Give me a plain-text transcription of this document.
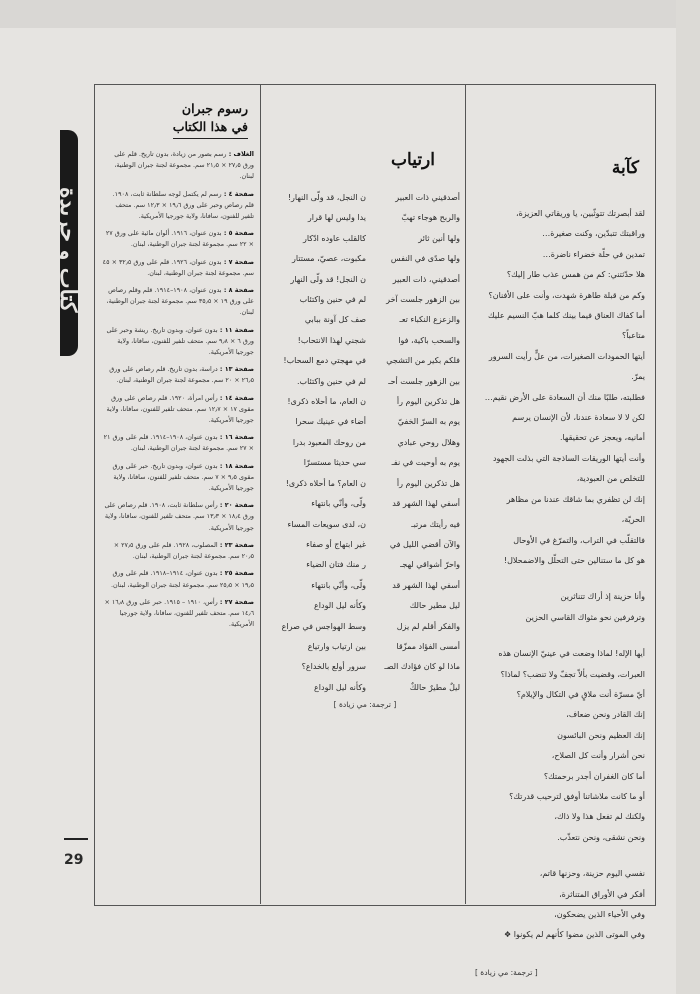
كتاب و جريدة
29
كآبة
لقد أبصرتك تتوثّبين، يا وريقاتي العزيزة،
وراقبتك تتبدّين، وكنت صغيرة…
تمدين في حلّة خضراء ناضرة…
هلا حدّثتني: كم من همس عذب طار إليك؟
وكم من قبلة طاهرة شهدت، وأنت على الأفنان؟
أما كفاك العناق فيما بينك كلما هبّ النسيم عليك
متاعباً؟
أيتها الحمودات الصغيرات، من علٍّ رأيت السرور
يمرّ.
فطلبته، طلبًا منك أن السعادة على الأرض نقيم…
لكن لا لا سعادة عندنا، لأن الإنسان يرسم
أمانيه، ويعجز عن تحقيقها.
وأنت أيتها الوريقات الساذجة التي بذلت الجهود
للتخلص من العبودية،
إنك لن تظفري بما شاقك عندنا من مظاهر
الحريّة،
فالتقلّب في التراب، والتمرّغ في الأوحال
هو كل ما ستنالين حتى التحلّل والاضمحلال!
وأنا حزينة إذ أراك تتناثرين
وترفرفين نحو مثواك القاسي الحزين
أيها الإله! لماذا وضعت في عينيّ الإنسان هذه
العبرات، وقضيت بألاّ تجفّ ولا تنضب؟ لماذا؟
أيّ مسرّة أنت ملاقٍ في التكال والإيلام؟
إنك القادر ونحن ضعاف،
إنك العظيم ونحن البائسون
نحن أشرار وأنت كل الصلاح،
أما كان الغفران أجدر برحمتك؟
أو ما كانت ملاشاتنا أوفق لترحيب قدرتك؟
ولكنك لم تفعل هذا ولا ذاك،
ونحن نشقى، ونحن نتعذّب.
نفسي اليوم حزينة، وحزنها قاتم،
أفكر في الأوراق المتناثرة،
وفي الأحياء الذين يضحكون،
وفي الموتى الذين مضوا كأنهم لم يكونوا ❖
[ ترجمة: مي زيادة ]
ارتياب
أصدقيني ذات العبير
والربح هوجاء تهبّ
ولها أنين ثائر
ولها صدًى في النفس
أصدقيني، ذات العبير
بين الزهور جلست آخر
والزعزع النكباء تعـ
والسحب باكية، فوا
فلكم بكير من التشجي
بين الزهور جلست أحـ
هل تذكرين اليوم رأ
يوم به السرّ الخفيّ
وهلال روحي عبادي
يوم به أوحيت في نفـ
هل تذكرين اليوم رأ
أسفي لهذا الشهر قد
فيه رأيتك مرتبـ
والآن أقضي الليل في
واحرّ أشواقي لهجـ
أسفي لهذا الشهر قد
ليل مطير حالك
والفكر أقلم لم يزل
أمسى الفؤاد ممزّقا
ماذا لو كان فؤادك الصـ
ليلٌ مطيرٌ حالكٌ
ن النجل، قد ولّى النهار!
يدا وليس لها قرار
كالقلب عاوده ادّكار
مكبوت، عصيّ، مستتار
ن النجل! قد ولّى النهار
لم في حنين واكتئاب
صف كل آونة ببابي
شجني لهذا الانتحاب!
في مهجتي دمع السحاب!
لم في حنين واكتئاب.
ن العام، ما أحلاه ذكرى!
أضاء في عينيك سحرا
من روحك المعبود بدرا
سي حديثا مستسرّا
ن العام؟ ما أحلاه ذكرى!
ولّى، وأنّي بانتهاء
ن، لدى سويعات المساء
غير ابتهاج أو صفاء
ر منك فتان الضياء
ولّى، وأنّي بانتهاء
وكأنه ليل الوداع
وسط الهواجس في صراع
بين ارتياب وارتياع
سرور أولع بالخداع؟
وكأنه ليل الوداع
[ ترجمة: مي زيادة ]
رسوم جبران
في هذا الكتاب
الغلاف : رسم بصور من زيادة، بدون تاريخ. قلم على ورق ٢٧٫٥ × ٢١٫٥ سم. مجموعة لجنة جبران الوطنية، لبنان.
صفحة ٤ : رسم لم يكتمل لوجه سلطانة ثابت، ١٩٠٨. قلم رصاص وحبر على ورق ١٩٫٦ × ١٢٫٣ سم. متحف تلفير للفنون، سافانا، ولاية جورجيا الأمريكية.
صفحة ٥ : بدون عنوان، ١٩١٦. ألوان مائية على ورق ٢٧ × ٢٢ سم. مجموعة لجنة جبران الوطنية، لبنان.
صفحة ٧ : بدون عنوان، ١٩٢٦. قلم على ورق ٣٢٫٥ × ٤٥ سم. مجموعة لجنة جبران الوطنية، لبنان.
صفحة ٨ : بدون عنوان، ١٩٠٨–١٩١٤. قلم وقلم رصاص على ورق ١٩ × ٣٥٫٥ سم. مجموعة لجنة جبران الوطنية، لبنان.
صفحة ١١ : بدون عنوان، وبدون تاريخ. ريشة وحبر على ورق ٦ × ٩٫٨ سم. متحف تلفير للفنون، سافانا، ولاية جورجيا الأمريكية.
صفحة ١٣ : دراسة، بدون تاريخ. قلم رصاص على ورق ٢٦٫٥ × ٢٠ سم. مجموعة لجنة جبران الوطنية، لبنان.
صفحة ١٤ : رأس امرأة، ١٩٢٠. قلم رصاص على ورق مقوى ١٧ × ١٢٫٧ سم. متحف تلفير للفنون، سافانا، ولاية جورجيا الأمريكية.
صفحة ١٦ : بدون عنوان، ١٩٠٨–١٩١٤. قلم على ورق ٢١ × ٢٧ سم. مجموعة لجنة جبران الوطنية، لبنان.
صفحة ١٨ : بدون عنوان، وبدون تاريخ. حبر على ورق مقوى ٩٫٥ × ٧ سم. متحف تلفير للفنون، سافانا، ولاية جورجيا الأمريكية.
صفحة ٢٠ : رأس سلطانة ثابت، ١٩٠٨. قلم رصاص على ورق ١٨٫٤ × ١٣٫٣ سم. متحف تلفير للفنون، سافانا، ولاية جورجيا الأمريكية.
صفحة ٢٣ : المصلوب، ١٩٢٨. قلم على ورق ٢٧٫٥ × ٢٠٫٥ سم. مجموعة لجنة جبران الوطنية، لبنان.
صفحة ٢٥ : بدون عنوان، ١٩١٤–١٩١٨. قلم على ورق ١٩٫٥ × ٢٥٫٥ سم. مجموعة لجنة جبران الوطنية، لبنان.
صفحة ٢٧ : رأس، ١٩١٠ – ١٩١٥. حبر على ورق ١٦٫٨ × ١٤٫٦ سم. متحف تلفير للفنون، سافانا، ولاية جورجيا الأمريكية.
